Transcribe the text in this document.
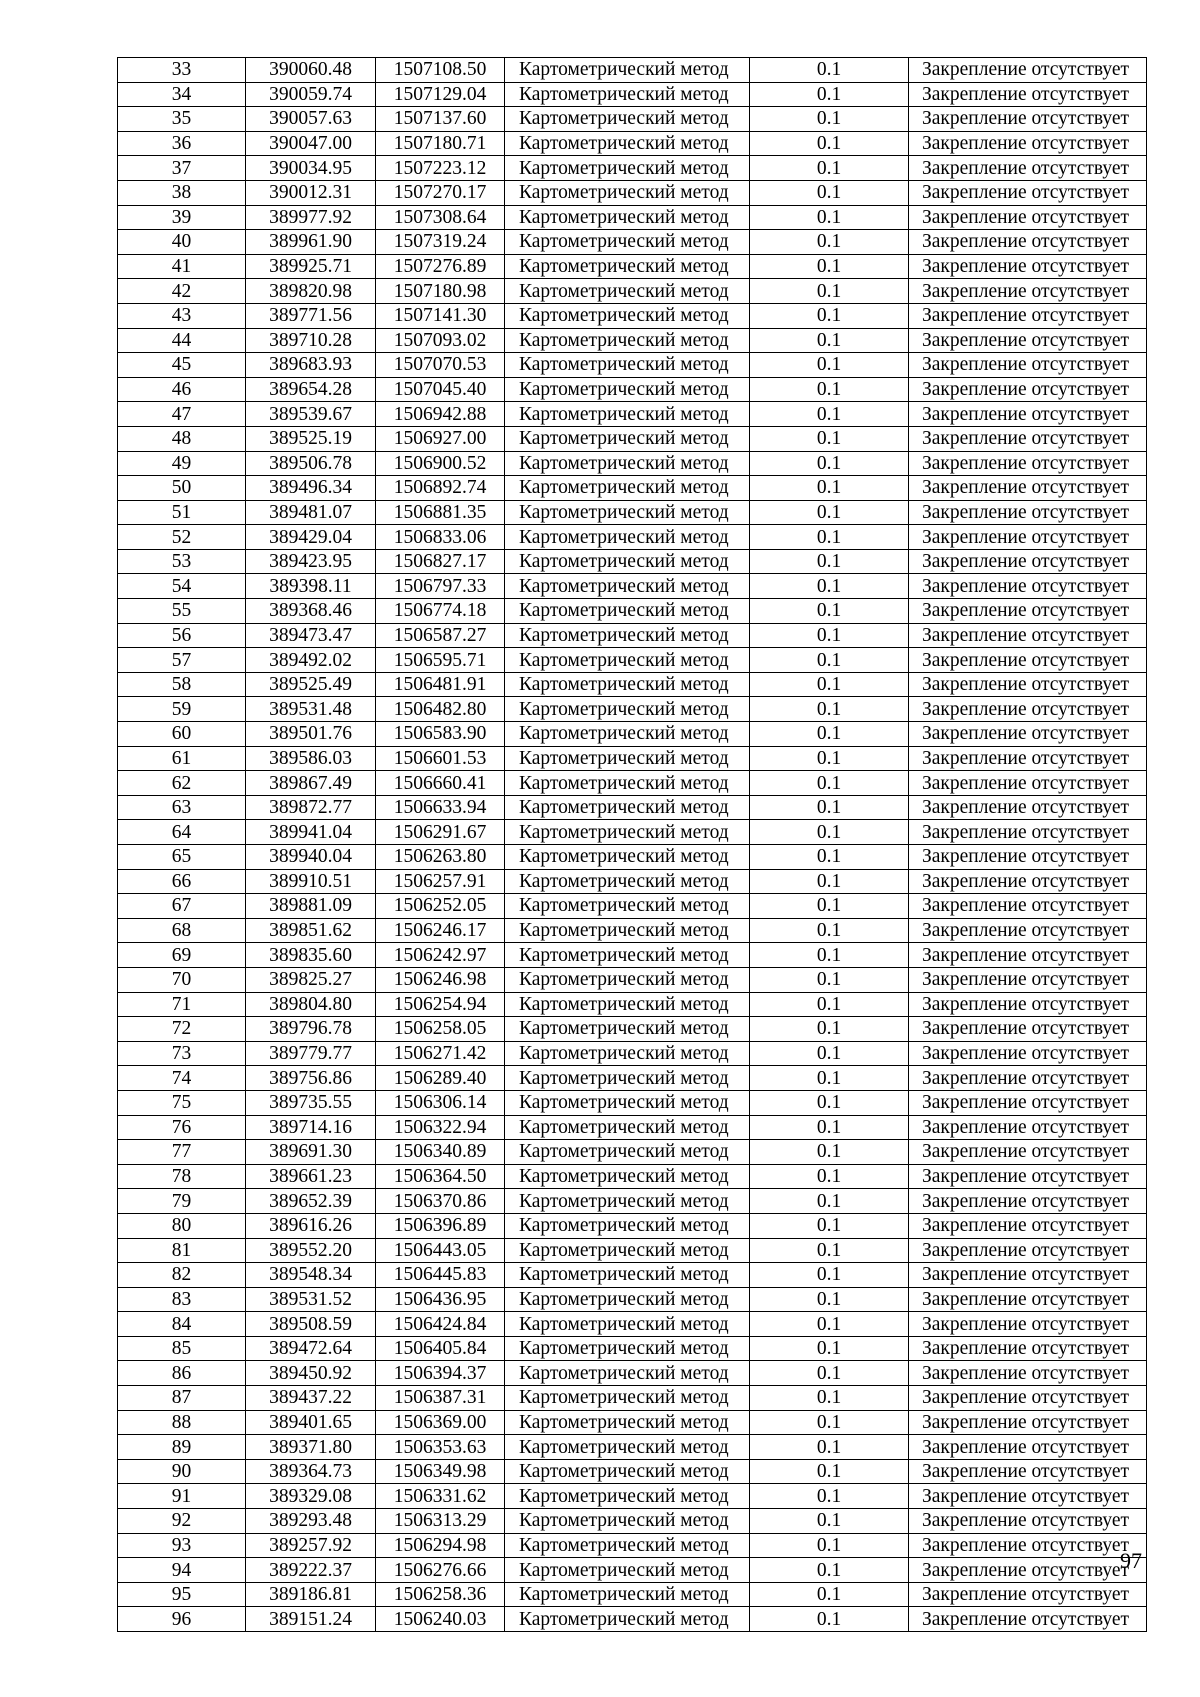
33	390060.48	1507108.50	Картометрический метод	0.1	Закрепление отсутствует
34	390059.74	1507129.04	Картометрический метод	0.1	Закрепление отсутствует
35	390057.63	1507137.60	Картометрический метод	0.1	Закрепление отсутствует
36	390047.00	1507180.71	Картометрический метод	0.1	Закрепление отсутствует
37	390034.95	1507223.12	Картометрический метод	0.1	Закрепление отсутствует
38	390012.31	1507270.17	Картометрический метод	0.1	Закрепление отсутствует
39	389977.92	1507308.64	Картометрический метод	0.1	Закрепление отсутствует
40	389961.90	1507319.24	Картометрический метод	0.1	Закрепление отсутствует
41	389925.71	1507276.89	Картометрический метод	0.1	Закрепление отсутствует
42	389820.98	1507180.98	Картометрический метод	0.1	Закрепление отсутствует
43	389771.56	1507141.30	Картометрический метод	0.1	Закрепление отсутствует
44	389710.28	1507093.02	Картометрический метод	0.1	Закрепление отсутствует
45	389683.93	1507070.53	Картометрический метод	0.1	Закрепление отсутствует
46	389654.28	1507045.40	Картометрический метод	0.1	Закрепление отсутствует
47	389539.67	1506942.88	Картометрический метод	0.1	Закрепление отсутствует
48	389525.19	1506927.00	Картометрический метод	0.1	Закрепление отсутствует
49	389506.78	1506900.52	Картометрический метод	0.1	Закрепление отсутствует
50	389496.34	1506892.74	Картометрический метод	0.1	Закрепление отсутствует
51	389481.07	1506881.35	Картометрический метод	0.1	Закрепление отсутствует
52	389429.04	1506833.06	Картометрический метод	0.1	Закрепление отсутствует
53	389423.95	1506827.17	Картометрический метод	0.1	Закрепление отсутствует
54	389398.11	1506797.33	Картометрический метод	0.1	Закрепление отсутствует
55	389368.46	1506774.18	Картометрический метод	0.1	Закрепление отсутствует
56	389473.47	1506587.27	Картометрический метод	0.1	Закрепление отсутствует
57	389492.02	1506595.71	Картометрический метод	0.1	Закрепление отсутствует
58	389525.49	1506481.91	Картометрический метод	0.1	Закрепление отсутствует
59	389531.48	1506482.80	Картометрический метод	0.1	Закрепление отсутствует
60	389501.76	1506583.90	Картометрический метод	0.1	Закрепление отсутствует
61	389586.03	1506601.53	Картометрический метод	0.1	Закрепление отсутствует
62	389867.49	1506660.41	Картометрический метод	0.1	Закрепление отсутствует
63	389872.77	1506633.94	Картометрический метод	0.1	Закрепление отсутствует
64	389941.04	1506291.67	Картометрический метод	0.1	Закрепление отсутствует
65	389940.04	1506263.80	Картометрический метод	0.1	Закрепление отсутствует
66	389910.51	1506257.91	Картометрический метод	0.1	Закрепление отсутствует
67	389881.09	1506252.05	Картометрический метод	0.1	Закрепление отсутствует
68	389851.62	1506246.17	Картометрический метод	0.1	Закрепление отсутствует
69	389835.60	1506242.97	Картометрический метод	0.1	Закрепление отсутствует
70	389825.27	1506246.98	Картометрический метод	0.1	Закрепление отсутствует
71	389804.80	1506254.94	Картометрический метод	0.1	Закрепление отсутствует
72	389796.78	1506258.05	Картометрический метод	0.1	Закрепление отсутствует
73	389779.77	1506271.42	Картометрический метод	0.1	Закрепление отсутствует
74	389756.86	1506289.40	Картометрический метод	0.1	Закрепление отсутствует
75	389735.55	1506306.14	Картометрический метод	0.1	Закрепление отсутствует
76	389714.16	1506322.94	Картометрический метод	0.1	Закрепление отсутствует
77	389691.30	1506340.89	Картометрический метод	0.1	Закрепление отсутствует
78	389661.23	1506364.50	Картометрический метод	0.1	Закрепление отсутствует
79	389652.39	1506370.86	Картометрический метод	0.1	Закрепление отсутствует
80	389616.26	1506396.89	Картометрический метод	0.1	Закрепление отсутствует
81	389552.20	1506443.05	Картометрический метод	0.1	Закрепление отсутствует
82	389548.34	1506445.83	Картометрический метод	0.1	Закрепление отсутствует
83	389531.52	1506436.95	Картометрический метод	0.1	Закрепление отсутствует
84	389508.59	1506424.84	Картометрический метод	0.1	Закрепление отсутствует
85	389472.64	1506405.84	Картометрический метод	0.1	Закрепление отсутствует
86	389450.92	1506394.37	Картометрический метод	0.1	Закрепление отсутствует
87	389437.22	1506387.31	Картометрический метод	0.1	Закрепление отсутствует
88	389401.65	1506369.00	Картометрический метод	0.1	Закрепление отсутствует
89	389371.80	1506353.63	Картометрический метод	0.1	Закрепление отсутствует
90	389364.73	1506349.98	Картометрический метод	0.1	Закрепление отсутствует
91	389329.08	1506331.62	Картометрический метод	0.1	Закрепление отсутствует
92	389293.48	1506313.29	Картометрический метод	0.1	Закрепление отсутствует
93	389257.92	1506294.98	Картометрический метод	0.1	Закрепление отсутствует
94	389222.37	1506276.66	Картометрический метод	0.1	Закрепление отсутствует
95	389186.81	1506258.36	Картометрический метод	0.1	Закрепление отсутствует
96	389151.24	1506240.03	Картометрический метод	0.1	Закрепление отсутствует
97
